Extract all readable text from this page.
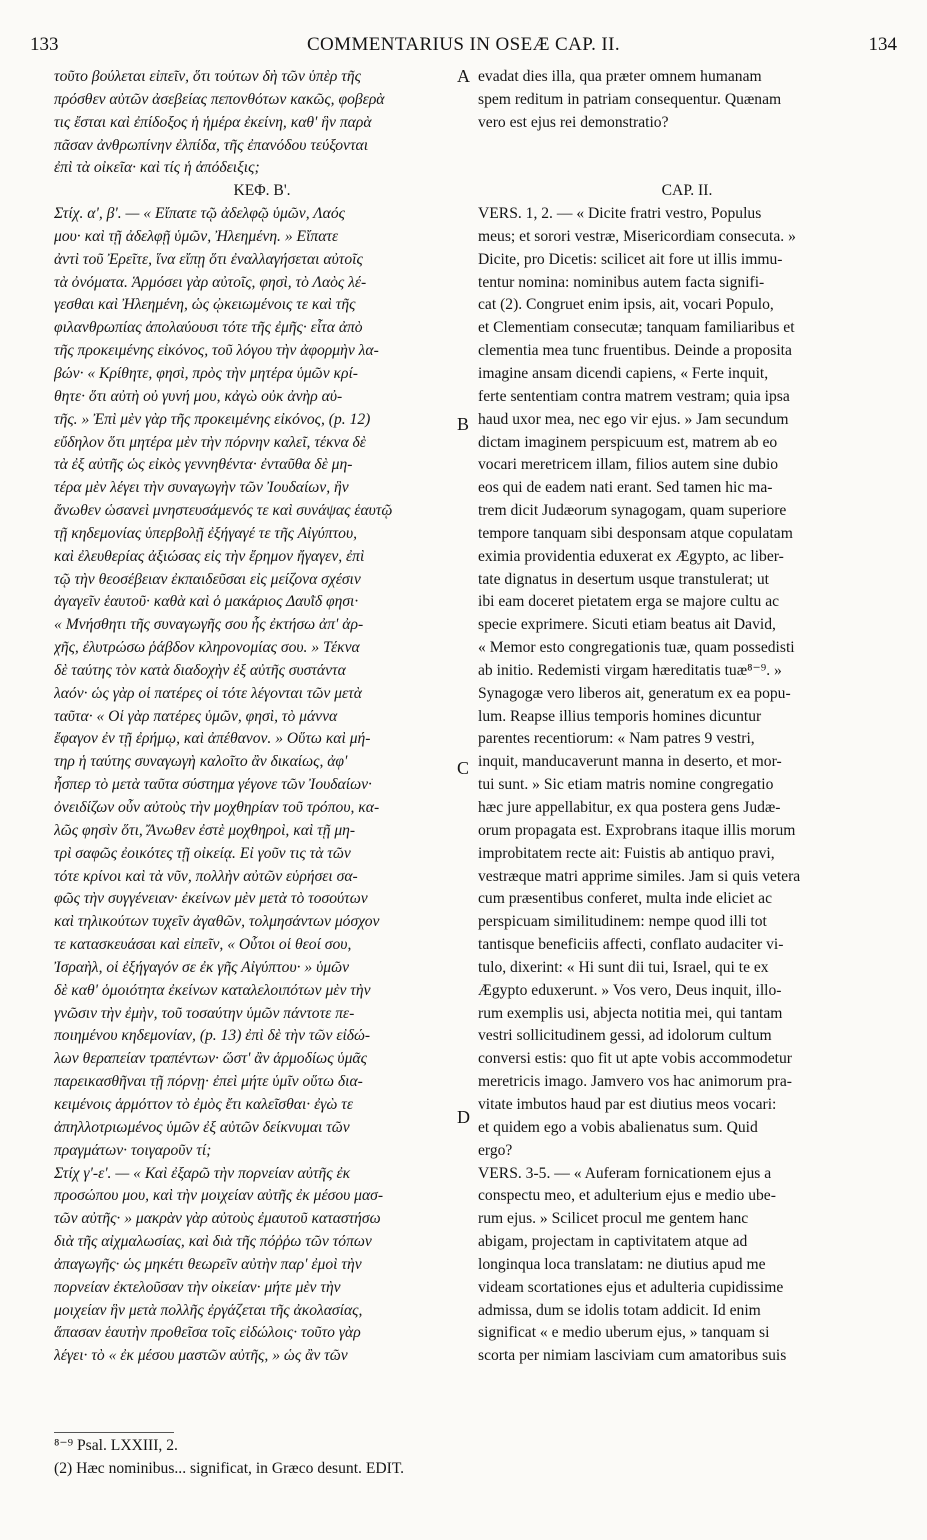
133	COMMENTARIUS IN OSEÆ CAP. II.	134
τοῦτο βούλεται εἰπεῖν, ὅτι τούτων δὴ τῶν ὑπὲρ τῆς
πρόσθεν αὐτῶν ἀσεβείας πεπονθότων κακῶς, φοβερὰ
τις ἔσται καὶ ἐπίδοξος ἡ ἡμέρα ἐκείνη, καθ' ἣν παρὰ
πᾶσαν ἀνθρωπίνην ἐλπίδα, τῆς ἐπανόδου τεύξονται
ἐπὶ τὰ οἰκεῖα· καὶ τίς ἡ ἀπόδειξις;
ΚΕΦ. Β'.
Στίχ. α', β'. — « Εἴπατε τῷ ἀδελφῷ ὑμῶν, Λαός
μου· καὶ τῇ ἀδελφῇ ὑμῶν, Ἠλεημένη. » Εἴπατε
ἀντὶ τοῦ Ἐρεῖτε, ἵνα εἴπῃ ὅτι ἐναλλαγήσεται αὐτοῖς
τὰ ὀνόματα. Ἁρμόσει γὰρ αὐτοῖς, φησὶ, τὸ Λαὸς λέ-
γεσθαι καὶ Ἠλεημένη, ὡς ᾠκειωμένοις τε καὶ τῆς
φιλανθρωπίας ἀπολαύουσι τότε τῆς ἐμῆς· εἶτα ἀπὸ
τῆς προκειμένης εἰκόνος, τοῦ λόγου τὴν ἀφορμὴν λα-
βών· « Κρίθητε, φησὶ, πρὸς τὴν μητέρα ὑμῶν κρί-
θητε· ὅτι αὐτὴ οὐ γυνή μου, κἀγὼ οὐκ ἀνὴρ αὐ-
τῆς. » Ἐπὶ μὲν γὰρ τῆς προκειμένης εἰκόνος, (p. 12)
εὔδηλον ὅτι μητέρα μὲν τὴν πόρνην καλεῖ, τέκνα δὲ
τὰ ἐξ αὐτῆς ὡς εἰκὸς γεννηθέντα· ἐνταῦθα δὲ μη-
τέρα μὲν λέγει τὴν συναγωγὴν τῶν Ἰουδαίων, ἣν
ἄνωθεν ὡσανεὶ μνηστευσάμενός τε καὶ συνάψας ἑαυτῷ
τῇ κηδεμονίας ὑπερβολῇ ἐξήγαγέ τε τῆς Αἰγύπτου,
καὶ ἐλευθερίας ἀξιώσας εἰς τὴν ἔρημον ἤγαγεν, ἐπὶ
τῷ τὴν θεοσέβειαν ἐκπαιδεῦσαι εἰς μείζονα σχέσιν
ἀγαγεῖν ἑαυτοῦ· καθὰ καὶ ὁ μακάριος Δαυῒδ φησι·
« Μνήσθητι τῆς συναγωγῆς σου ἧς ἐκτήσω ἀπ' ἀρ-
χῆς, ἐλυτρώσω ῥάβδον κληρονομίας σου. » Τέκνα
δὲ ταύτης τὸν κατὰ διαδοχὴν ἐξ αὐτῆς συστάντα
λαόν· ὡς γὰρ οἱ πατέρες οἱ τότε λέγονται τῶν μετὰ
ταῦτα· « Οἱ γὰρ πατέρες ὑμῶν, φησὶ, τὸ μάννα
ἔφαγον ἐν τῇ ἐρήμῳ, καὶ ἀπέθανον. » Οὕτω καὶ μή-
τηρ ἡ ταύτης συναγωγὴ καλοῖτο ἂν δικαίως, ἀφ'
ἧσπερ τὸ μετὰ ταῦτα σύστημα γέγονε τῶν Ἰουδαίων·
ὀνειδίζων οὖν αὐτοὺς τὴν μοχθηρίαν τοῦ τρόπου, κα-
λῶς φησὶν ὅτι, Ἄνωθεν ἐστὲ μοχθηροὶ, καὶ τῇ μη-
τρὶ σαφῶς ἐοικότες τῇ οἰκείᾳ. Εἰ γοῦν τις τὰ τῶν
τότε κρίνοι καὶ τὰ νῦν, πολλὴν αὐτῶν εὑρήσει σα-
φῶς τὴν συγγένειαν· ἐκείνων μὲν μετὰ τὸ τοσούτων
καὶ τηλικούτων τυχεῖν ἀγαθῶν, τολμησάντων μόσχον
τε κατασκευάσαι καὶ εἰπεῖν, « Οὗτοι οἱ θεοί σου,
Ἰσραὴλ, οἱ ἐξήγαγόν σε ἐκ γῆς Αἰγύπτου· » ὑμῶν
δὲ καθ' ὁμοιότητα ἐκείνων καταλελοιπότων μὲν τὴν
γνῶσιν τὴν ἐμὴν, τοῦ τοσαύτην ὑμῶν πάντοτε πε-
ποιημένου κηδεμονίαν, (p. 13) ἐπὶ δὲ τὴν τῶν εἰδώ-
λων θεραπείαν τραπέντων· ὥστ' ἂν ἁρμοδίως ὑμᾶς
παρεικασθῆναι τῇ πόρνῃ· ἐπεὶ μήτε ὑμῖν οὕτω δια-
κειμένοις ἁρμόττον τὸ ἐμὸς ἔτι καλεῖσθαι· ἐγὼ τε
ἀπηλλοτριωμένος ὑμῶν ἐξ αὐτῶν δείκνυμαι τῶν
πραγμάτων· τοιγαροῦν τί;
Στίχ γ'-ε'. — « Καὶ ἐξαρῶ τὴν πορνείαν αὐτῆς ἐκ
προσώπου μου, καὶ τὴν μοιχείαν αὐτῆς ἐκ μέσου μασ-
τῶν αὐτῆς· » μακρὰν γὰρ αὐτοὺς ἐμαυτοῦ καταστήσω
διὰ τῆς αἰχμαλωσίας, καὶ διὰ τῆς πόῤῥω τῶν τόπων
ἀπαγωγῆς· ὡς μηκέτι θεωρεῖν αὐτὴν παρ' ἐμοὶ τὴν
πορνείαν ἐκτελοῦσαν τὴν οἰκείαν· μήτε μὲν τὴν
μοιχείαν ἣν μετὰ πολλῆς ἐργάζεται τῆς ἀκολασίας,
ἅπασαν ἑαυτὴν προθεῖσα τοῖς εἰδώλοις· τοῦτο γὰρ
λέγει· τὸ « ἐκ μέσου μαστῶν αὐτῆς, » ὡς ἂν τῶν
evadat dies illa, qua præter omnem humanam
spem reditum in patriam consequentur. Quænam
vero est ejus rei demonstratio?
CAP. II.
VERS. 1, 2. — « Dicite fratri vestro, Populus
meus; et sorori vestræ, Misericordiam consecuta. »
Dicite, pro Dicetis: scilicet ait fore ut illis immu-
tentur nomina: nominibus autem facta signifi-
cat (2). Congruet enim ipsis, ait, vocari Populo,
et Clementiam consecutæ; tanquam familiaribus et
clementia mea tunc fruentibus. Deinde a proposita
imagine ansam dicendi capiens, « Ferte inquit,
ferte sententiam contra matrem vestram; quia ipsa
haud uxor mea, nec ego vir ejus. » Jam secundum
dictam imaginem perspicuum est, matrem ab eo
vocari meretricem illam, filios autem sine dubio
eos qui de eadem nati erant. Sed tamen hic ma-
trem dicit Judæorum synagogam, quam superiore
tempore tanquam sibi desponsam atque copulatam
eximia providentia eduxerat ex Ægypto, ac liber-
tate dignatus in desertum usque transtulerat; ut
ibi eam doceret pietatem erga se majore cultu ac
specie exprimere. Sicuti etiam beatus ait David,
« Memor esto congregationis tuæ, quam possedisti
ab initio. Redemisti virgam hæreditatis tuæ⁸⁻⁹. »
Synagogæ vero liberos ait, generatum ex ea popu-
lum. Reapse illius temporis homines dicuntur
parentes recentiorum: « Nam patres 9 vestri,
inquit, manducaverunt manna in deserto, et mor-
tui sunt. » Sic etiam matris nomine congregatio
hæc jure appellabitur, ex qua postera gens Judæ-
orum propagata est. Exprobrans itaque illis morum
improbitatem recte ait: Fuistis ab antiquo pravi,
vestræque matri apprime similes. Jam si quis vetera
cum præsentibus conferet, multa inde eliciet ac
perspicuam similitudinem: nempe quod illi tot
tantisque beneficiis affecti, conflato audaciter vi-
tulo, dixerint: « Hi sunt dii tui, Israel, qui te ex
Ægypto eduxerunt. » Vos vero, Deus inquit, illo-
rum exemplis usi, abjecta notitia mei, qui tantam
vestri sollicitudinem gessi, ad idolorum cultum
conversi estis: quo fit ut apte vobis accommodetur
meretricis imago. Jamvero vos hac animorum pra-
vitate imbutos haud par est diutius meos vocari:
et quidem ego a vobis abalienatus sum. Quid
ergo?
VERS. 3-5. — « Auferam fornicationem ejus a
conspectu meo, et adulterium ejus e medio ube-
rum ejus. » Scilicet procul me gentem hanc
abigam, projectam in captivitatem atque ad
longinqua loca translatam: ne diutius apud me
videam scortationes ejus et adulteria cupidissime
admissa, dum se idolis totam addicit. Id enim
significat « e medio uberum ejus, » tanquam si
scorta per nimiam lasciviam cum amatoribus suis
A
B
C
D
⁸⁻⁹ Psal. LXXIII, 2.
(2) Hæc nominibus... significat, in Græco desunt. EDIT.
